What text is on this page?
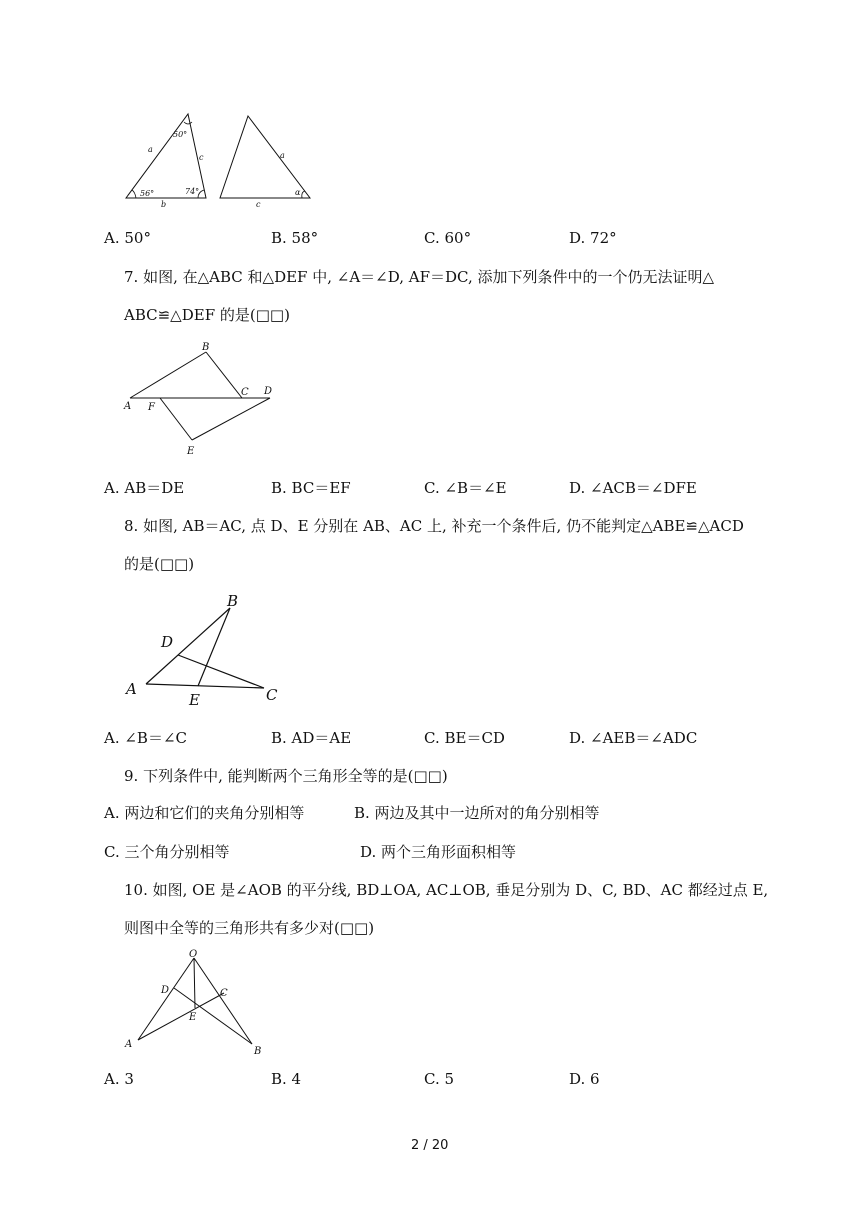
a
c
b
50°
56°	74°
a
c
α
A. 50°	B. 58°	C. 60°	D. 72°
7. 如图, 在△ABC 和△DEF 中, ∠A＝∠D, AF＝DC, 添加下列条件中的一个仍无法证明△
ABC≌△DEF 的是(□□)
A
B
C D
E
F
A. AB＝DE	B. BC＝EF	C. ∠B＝∠E	D. ∠ACB＝∠DFE
8. 如图, AB＝AC, 点 D、E 分别在 AB、AC 上, 补充一个条件后, 仍不能判定△ABE≌△ACD
的是(□□)
A
B
C
D
E
A. ∠B＝∠C	B. AD＝AE	C. BE＝CD	D. ∠AEB＝∠ADC
9. 下列条件中, 能判断两个三角形全等的是(□□)
A. 两边和它们的夹角分别相等	B. 两边及其中一边所对的角分别相等
C. 三个角分别相等	D. 两个三角形面积相等
10. 如图, OE 是∠AOB 的平分线, BD⊥OA, AC⊥OB, 垂足分别为 D、C, BD、AC 都经过点 E,
则图中全等的三角形共有多少对(□□)
O
A
B
C
D
E
A. 3	B. 4	C. 5	D. 6
2 / 20
